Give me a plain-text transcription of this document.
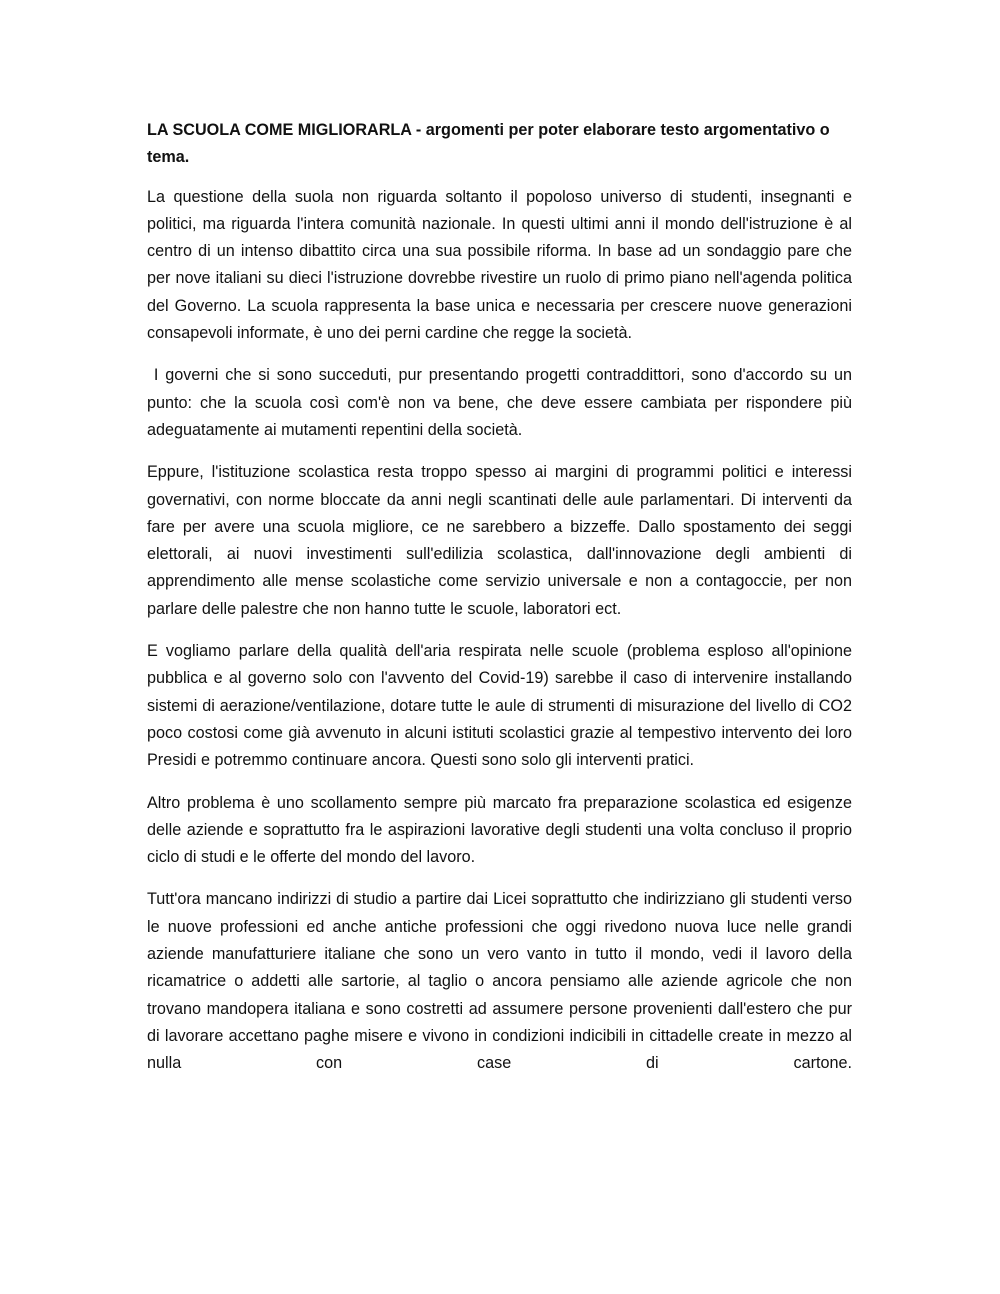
LA SCUOLA COME MIGLIORARLA - argomenti per poter elaborare testo argomentativo o tema.

La questione della suola non riguarda soltanto il popoloso universo di studenti, insegnanti e politici, ma riguarda l'intera comunità nazionale. In questi ultimi anni il mondo dell'istruzione è al centro di un intenso dibattito circa una sua possibile riforma. In base ad un sondaggio pare che per nove italiani su dieci l'istruzione dovrebbe rivestire un ruolo di primo piano nell'agenda politica del Governo. La scuola rappresenta la base unica e necessaria per crescere nuove generazioni consapevoli informate, è uno dei perni cardine che regge la società.

I governi che si sono succeduti, pur presentando progetti contraddittori, sono d'accordo su un punto: che la scuola così com'è non va bene, che deve essere cambiata per rispondere più adeguatamente ai mutamenti repentini della società.

Eppure, l'istituzione scolastica resta troppo spesso ai margini di programmi politici e interessi governativi, con norme bloccate da anni negli scantinati delle aule parlamentari. Di interventi da fare per avere una scuola migliore, ce ne sarebbero a bizzeffe. Dallo spostamento dei seggi elettorali, ai nuovi investimenti sull'edilizia scolastica, dall'innovazione degli ambienti di apprendimento alle mense scolastiche come servizio universale e non a contagoccie, per non parlare delle palestre che non hanno tutte le scuole, laboratori ect.

E vogliamo parlare della qualità dell'aria respirata nelle scuole (problema esploso all'opinione pubblica e al governo solo con l'avvento del Covid-19) sarebbe il caso di intervenire installando sistemi di aerazione/ventilazione, dotare tutte le aule di strumenti di misurazione del livello di CO2 poco costosi come già avvenuto in alcuni istituti scolastici grazie al tempestivo intervento dei loro Presidi e potremmo continuare ancora. Questi sono solo gli interventi pratici.

Altro problema è uno scollamento sempre più marcato fra preparazione scolastica ed esigenze delle aziende e soprattutto fra le aspirazioni lavorative degli studenti una volta concluso il proprio ciclo di studi e le offerte del mondo del lavoro.

Tutt'ora mancano indirizzi di studio a partire dai Licei soprattutto che indirizziano gli studenti verso le nuove professioni ed anche antiche professioni che oggi rivedono nuova luce nelle grandi aziende manufatturiere italiane che sono un vero vanto in tutto il mondo, vedi il lavoro della ricamatrice o addetti alle sartorie, al taglio o ancora pensiamo alle aziende agricole che non trovano mandopera italiana e sono costretti ad assumere persone provenienti dall'estero che pur di lavorare accettano paghe misere e vivono in condizioni indicibili in cittadelle create in mezzo al nulla con case di cartone.
